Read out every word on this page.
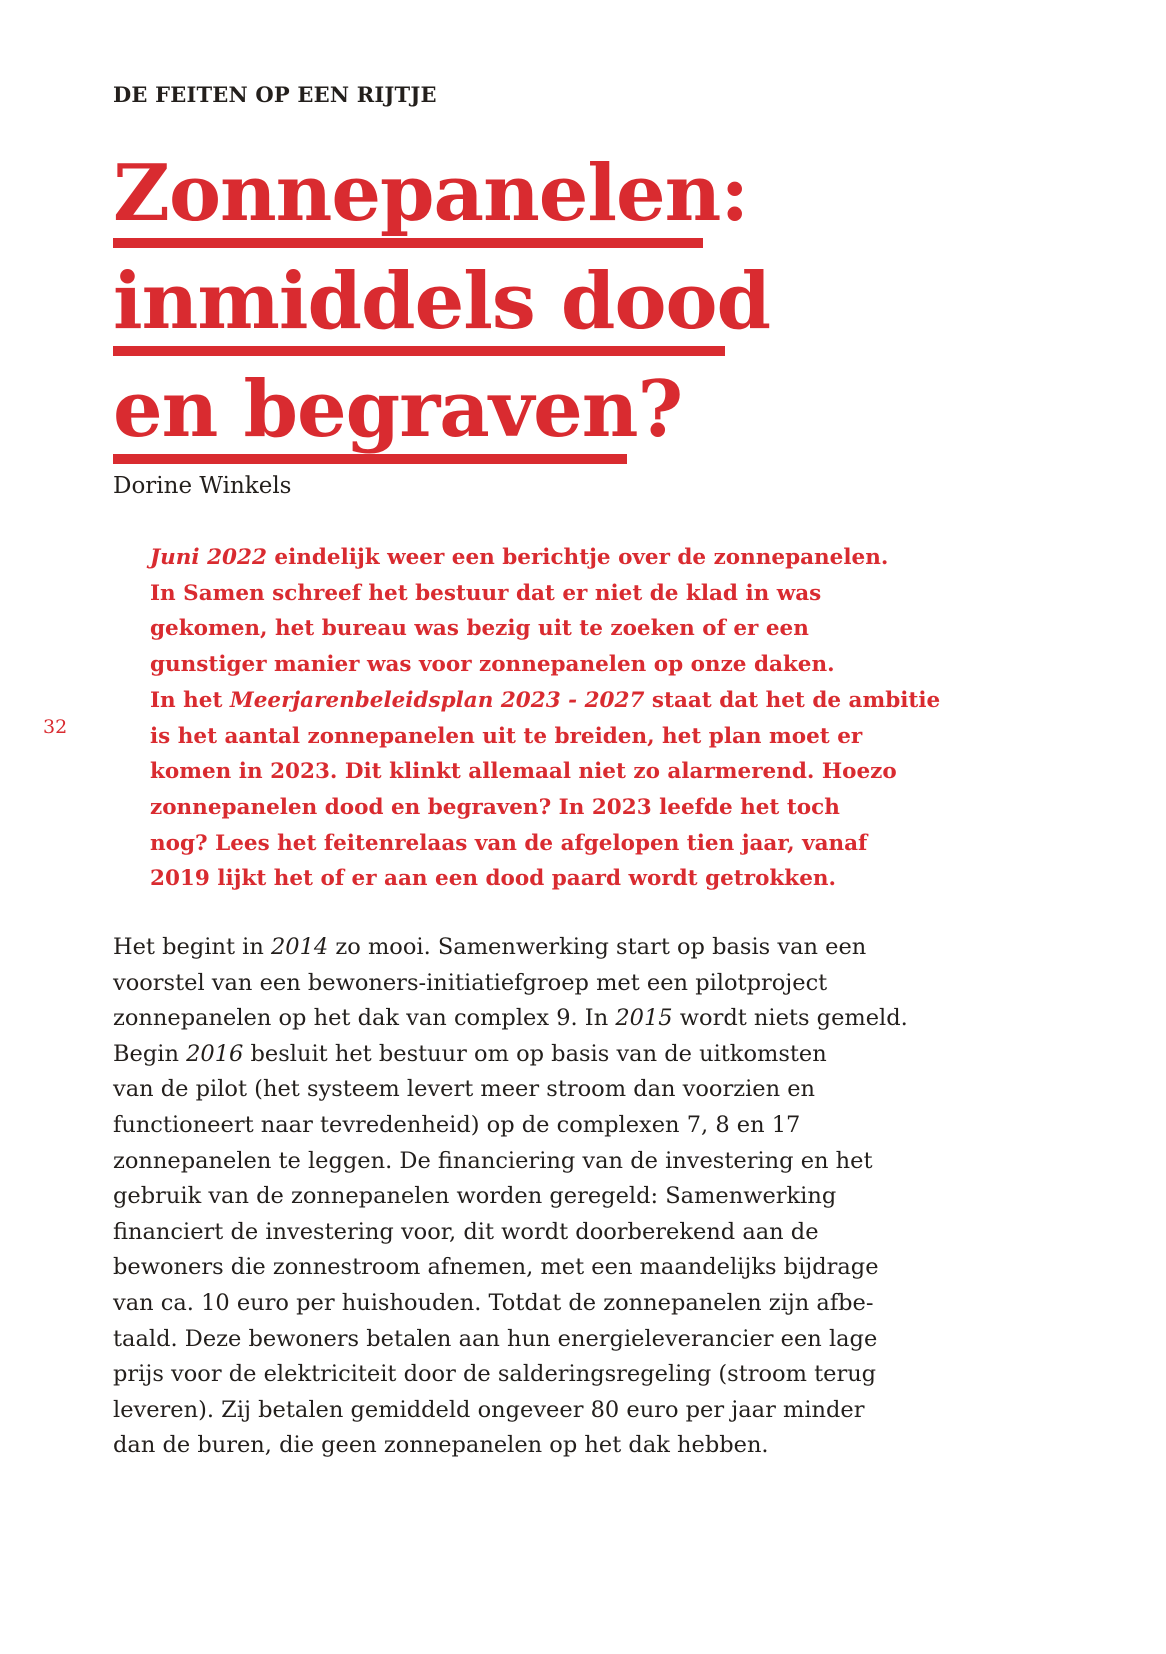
DE FEITEN OP EEN RIJTJE
Zonnepanelen:
inmiddels dood
en begraven?
Dorine Winkels
32
Juni 2022 eindelijk weer een berichtje over de zonnepanelen.
In Samen schreef het bestuur dat er niet de klad in was
gekomen, het bureau was bezig uit te zoeken of er een
gunstiger manier was voor zonnepanelen op onze daken.
In het Meerjarenbeleidsplan 2023 - 2027 staat dat het de ambitie
is het aantal zonnepanelen uit te breiden, het plan moet er
komen in 2023. Dit klinkt allemaal niet zo alarmerend. Hoezo
zonnepanelen dood en begraven? In 2023 leefde het toch
nog? Lees het feitenrelaas van de afgelopen tien jaar, vanaf
2019 lijkt het of er aan een dood paard wordt getrokken.
Het begint in 2014 zo mooi. Samenwerking start op basis van een
voorstel van een bewoners-initiatiefgroep met een pilotproject
zonnepanelen op het dak van complex 9. In 2015 wordt niets gemeld.
Begin 2016 besluit het bestuur om op basis van de uitkomsten
van de pilot (het systeem levert meer stroom dan voorzien en
functioneert naar tevredenheid) op de complexen 7, 8 en 17
zonnepanelen te leggen. De financiering van de investering en het
gebruik van de zonnepanelen worden geregeld: Samenwerking
financiert de investering voor, dit wordt doorberekend aan de
bewoners die zonnestroom afnemen, met een maandelijks bijdrage
van ca. 10 euro per huishouden. Totdat de zonnepanelen zijn afbe-
taald. Deze bewoners betalen aan hun energieleverancier een lage
prijs voor de elektriciteit door de salderingsregeling (stroom terug
leveren). Zij betalen gemiddeld ongeveer 80 euro per jaar minder
dan de buren, die geen zonnepanelen op het dak hebben.
